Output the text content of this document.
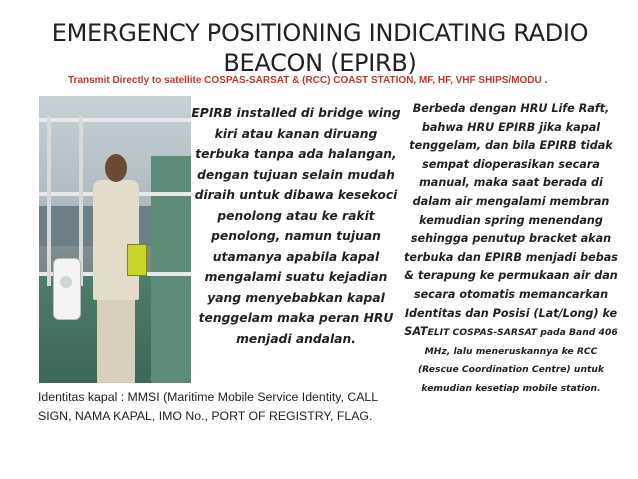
EMERGENCY POSITIONING INDICATING RADIO BEACON (EPIRB)
Transmit Directly to satellite COSPAS-SARSAT & (RCC) COAST STATION, MF, HF, VHF SHIPS/MODU .
EPIRB installed di bridge wing kiri atau kanan diruang terbuka tanpa ada halangan, dengan tujuan selain mudah diraih untuk dibawa kesekoci penolong atau ke rakit penolong, namun tujuan utamanya apabila kapal mengalami suatu kejadian yang menyebabkan kapal tenggelam maka peran HRU menjadi andalan.
Berbeda dengan HRU Life Raft, bahwa HRU EPIRB jika kapal tenggelam, dan bila EPIRB tidak sempat dioperasikan secara manual, maka saat berada di dalam air mengalami membran kemudian spring menendang sehingga penutup bracket akan terbuka dan EPIRB menjadi bebas & terapung ke permukaan air dan secara otomatis memancarkan Identitas dan Posisi (Lat/Long) ke SATELIT COSPAS-SARSAT pada Band 406 MHz, lalu meneruskannya ke RCC (Rescue Coordination Centre) untuk kemudian kesetiap mobile station.
Identitas kapal : MMSI (Maritime Mobile Service Identity, CALL SIGN, NAMA KAPAL, IMO No., PORT OF REGISTRY, FLAG.
